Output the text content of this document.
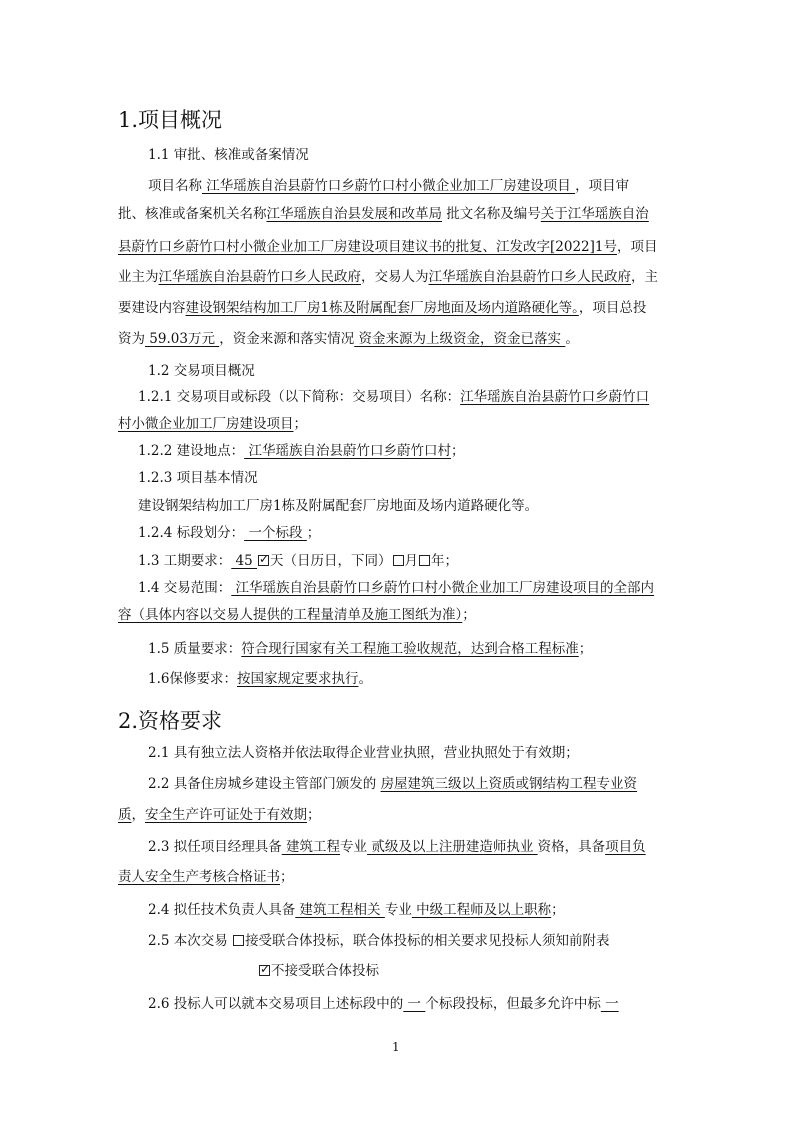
1.项目概况
1.1 审批、核准或备案情况
项目名称 江华瑶族自治县蔚竹口乡蔚竹口村小微企业加工厂房建设项目 ，项目审
批、核准或备案机关名称江华瑶族自治县发展和改革局 批文名称及编号关于江华瑶族自治
县蔚竹口乡蔚竹口村小微企业加工厂房建设项目建议书的批复、江发改字[2022]1号，项目
业主为江华瑶族自治县蔚竹口乡人民政府，交易人为江华瑶族自治县蔚竹口乡人民政府，主
要建设内容建设钢架结构加工厂房1栋及附属配套厂房地面及场内道路硬化等。，项目总投
资为 59.03万元 ，资金来源和落实情况 资金来源为上级资金，资金已落实 。
1.2 交易项目概况
1.2.1 交易项目或标段（以下简称：交易项目）名称：江华瑶族自治县蔚竹口乡蔚竹口
村小微企业加工厂房建设项目；
1.2.2 建设地点： 江华瑶族自治县蔚竹口乡蔚竹口村；
1.2.3 项目基本情况
建设钢架结构加工厂房1栋及附属配套厂房地面及场内道路硬化等。
1.2.4 标段划分： 一个标段 ；
1.3 工期要求： 45 ✓天（日历日，下同） 月 年；
1.4 交易范围： 江华瑶族自治县蔚竹口乡蔚竹口村小微企业加工厂房建设项目的全部内
容（具体内容以交易人提供的工程量清单及施工图纸为准）；
1.5 质量要求：符合现行国家有关工程施工验收规范，达到合格工程标准；
1.6保修要求：按国家规定要求执行。
2.资格要求
2.1 具有独立法人资格并依法取得企业营业执照，营业执照处于有效期；
2.2 具备住房城乡建设主管部门颁发的 房屋建筑三级以上资质或钢结构工程专业资
质，安全生产许可证处于有效期；
2.3 拟任项目经理具备 建筑工程专业 贰级及以上注册建造师执业 资格，具备项目负
责人安全生产考核合格证书；
2.4 拟任技术负责人具备 建筑工程相关 专业 中级工程师及以上职称；
2.5 本次交易 接受联合体投标，联合体投标的相关要求见投标人须知前附表
✓不接受联合体投标
2.6 投标人可以就本交易项目上述标段中的 一 个标段投标，但最多允许中标 一
1
